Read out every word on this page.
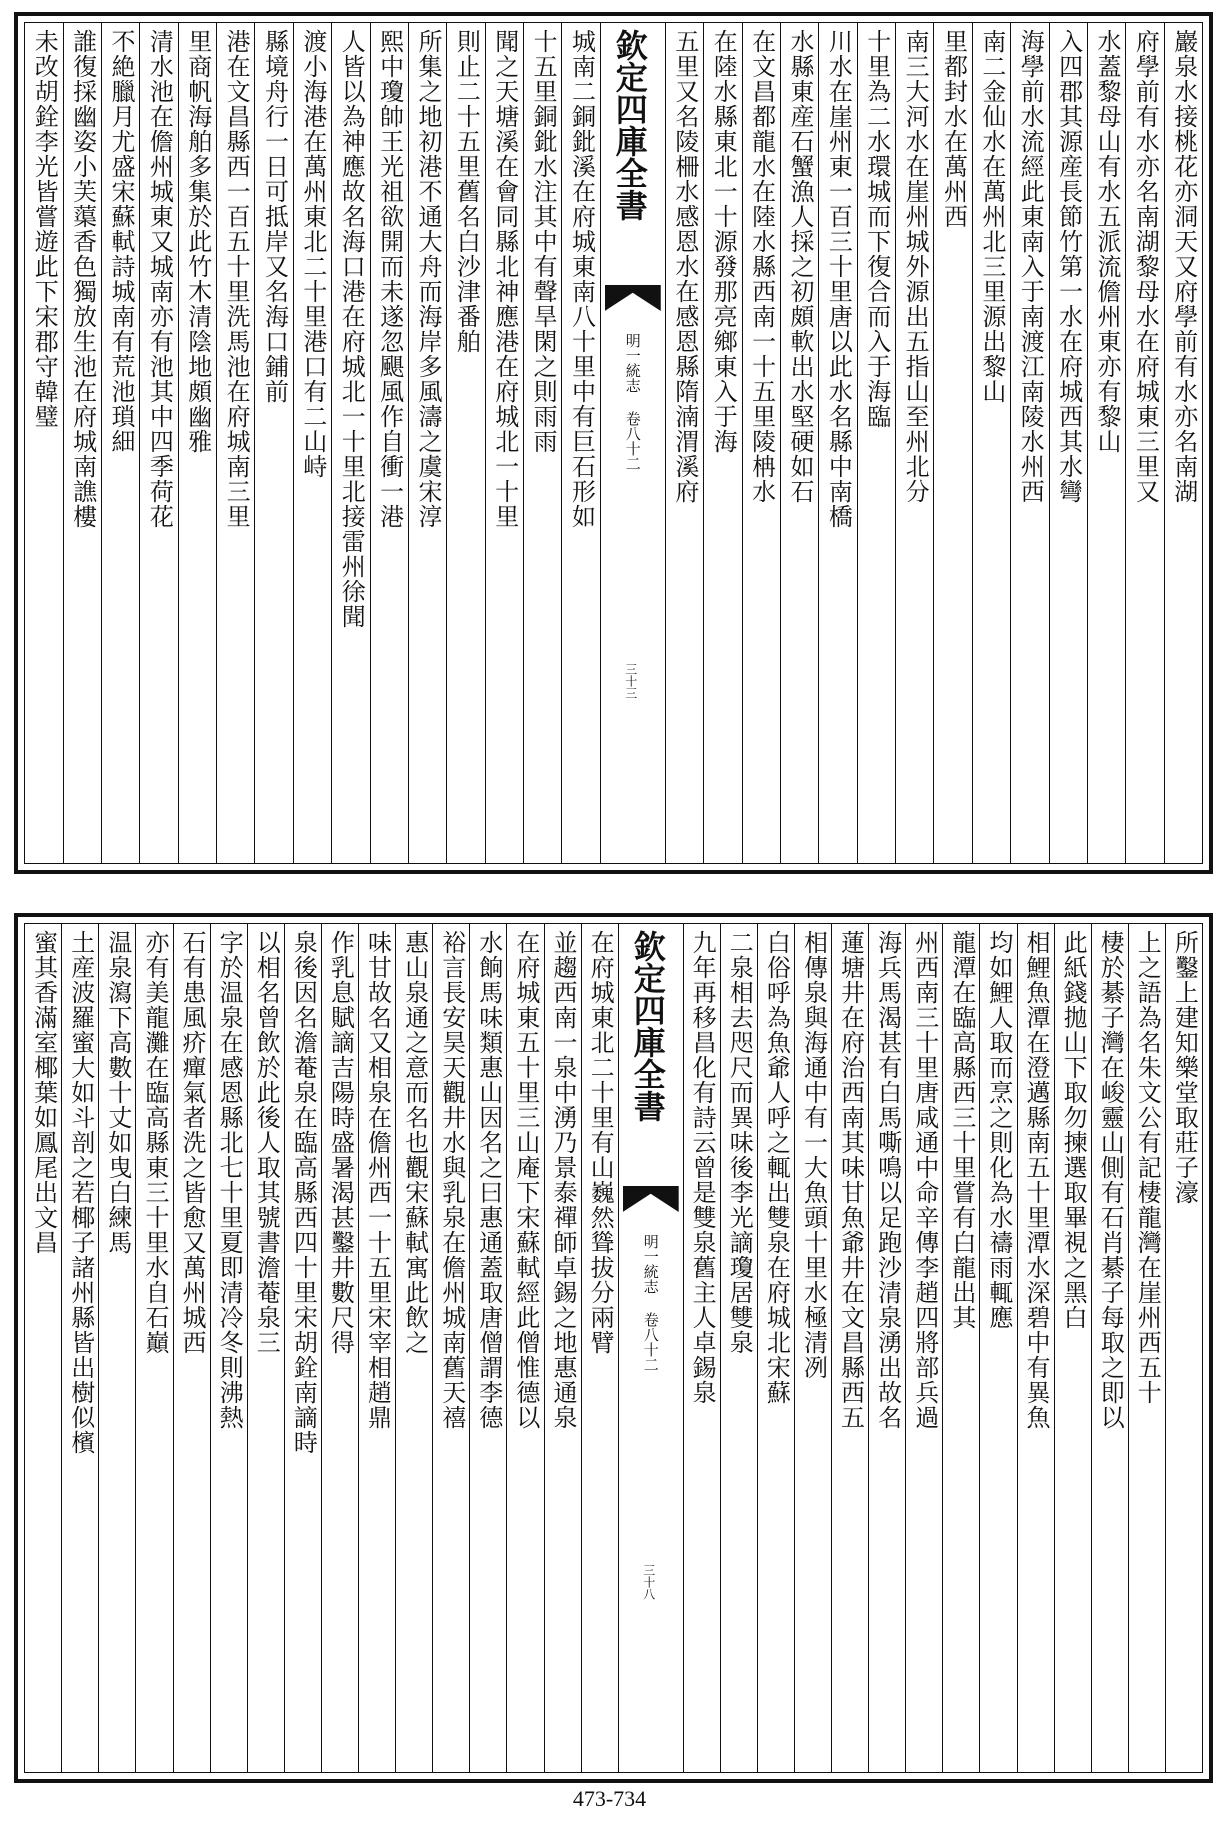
巖泉水接桃花亦洞天又府學前有水亦名南湖
府學前有水亦名南湖黎母水在府城東三里又
水蓋黎母山有水五派流儋州東亦有黎山
入四郡其源産長節竹第一水在府城西其水彎
海學前水流經此東南入于南渡江南陵水州西
南二金仙水在萬州北三里源出黎山
里都封水在萬州西
南三大河水在崖州城外源出五指山至州北分
十里為二水環城而下復合而入于海臨
川水在崖州東一百三十里唐以此水名縣中南橋
水縣東産石蟹漁人採之初頗軟出水堅硬如石
在文昌都龍水在陸水縣西南一十五里陵柟水
在陸水縣東北一十源發那亮鄉東入于海
五里又名陵柵水感恩水在感恩縣隋湳渭溪府
欽定四庫全書
明一統志 卷八十二
三十三
城南二銅鈚溪在府城東南八十里中有巨石形如
十五里銅鈚水注其中有聲旱閑之則雨雨
聞之天塘溪在會同縣北神應港在府城北一十里
則止二十五里舊名白沙津番舶
所集之地初港不通大舟而海岸多風濤之虞宋淳
熙中瓊帥王光祖欲開而未遂忽颶風作自衝一港
人皆以為神應故名海口港在府城北一十里北接雷州徐聞
渡小海港在萬州東北二十里港口有二山峙
縣境舟行一日可抵岸又名海口鋪前
港在文昌縣西一百五十里洗馬池在府城南三里
里商帆海舶多集於此竹木清陰地頗幽雅
清水池在儋州城東又城南亦有池其中四季荷花
不絶臘月尤盛宋蘇軾詩城南有荒池瑣細
誰復採幽姿小芙蕖香色獨放生池在府城南譙樓
未改胡銓李光皆嘗遊此下宋郡守韓璧
所鑿上建知樂堂取莊子濠
上之語為名朱文公有記棲龍灣在崖州西五十
棲於綦子灣在峻靈山側有石肖綦子每取之即以
此紙錢拋山下取勿揀選取畢視之黑白
相鯉魚潭在澄邁縣南五十里潭水深碧中有異魚
均如鯉人取而烹之則化為水禱雨輒應
龍潭在臨高縣西三十里嘗有白龍出其
州西南三十里唐咸通中命辛傳李趙四將部兵過
海兵馬渴甚有白馬嘶鳴以足跑沙清泉湧出故名
蓮塘井在府治西南其味甘魚爺井在文昌縣西五
相傳泉與海通中有一大魚頭十里水極清冽
白俗呼為魚爺人呼之輒出雙泉在府城北宋蘇
二泉相去咫尺而異味後李光謫瓊居雙泉
九年再移昌化有詩云曾是雙泉舊主人卓錫泉
欽定四庫全書
明一統志 卷八十二
三十八
在府城東北二十里有山巍然聳拔分兩臂
並趨西南一泉中湧乃景泰禪師卓錫之地惠通泉
在府城東五十里三山庵下宋蘇軾經此僧惟德以
水餉馬味類惠山因名之曰惠通蓋取唐僧謂李德
裕言長安昊天觀井水與乳泉在儋州城南舊天禧
惠山泉通之意而名也觀宋蘇軾寓此飲之
味甘故名又相泉在儋州西一十五里宋宰相趙鼎
作乳息賦謫吉陽時盛暑渴甚鑿井數尺得
泉後因名澹菴泉在臨高縣西四十里宋胡銓南謫時
以相名曾飲於此後人取其號書澹菴泉三
字於温泉在感恩縣北七十里夏即清冷冬則沸熱
石有患風疥癉氣者洗之皆愈又萬州城西
亦有美龍灘在臨高縣東三十里水自石巔
温泉瀉下高數十丈如曳白練馬
土産波羅蜜大如斗剖之若椰子諸州縣皆出樹似檳
蜜其香滿室椰葉如鳳尾出文昌
473-734
